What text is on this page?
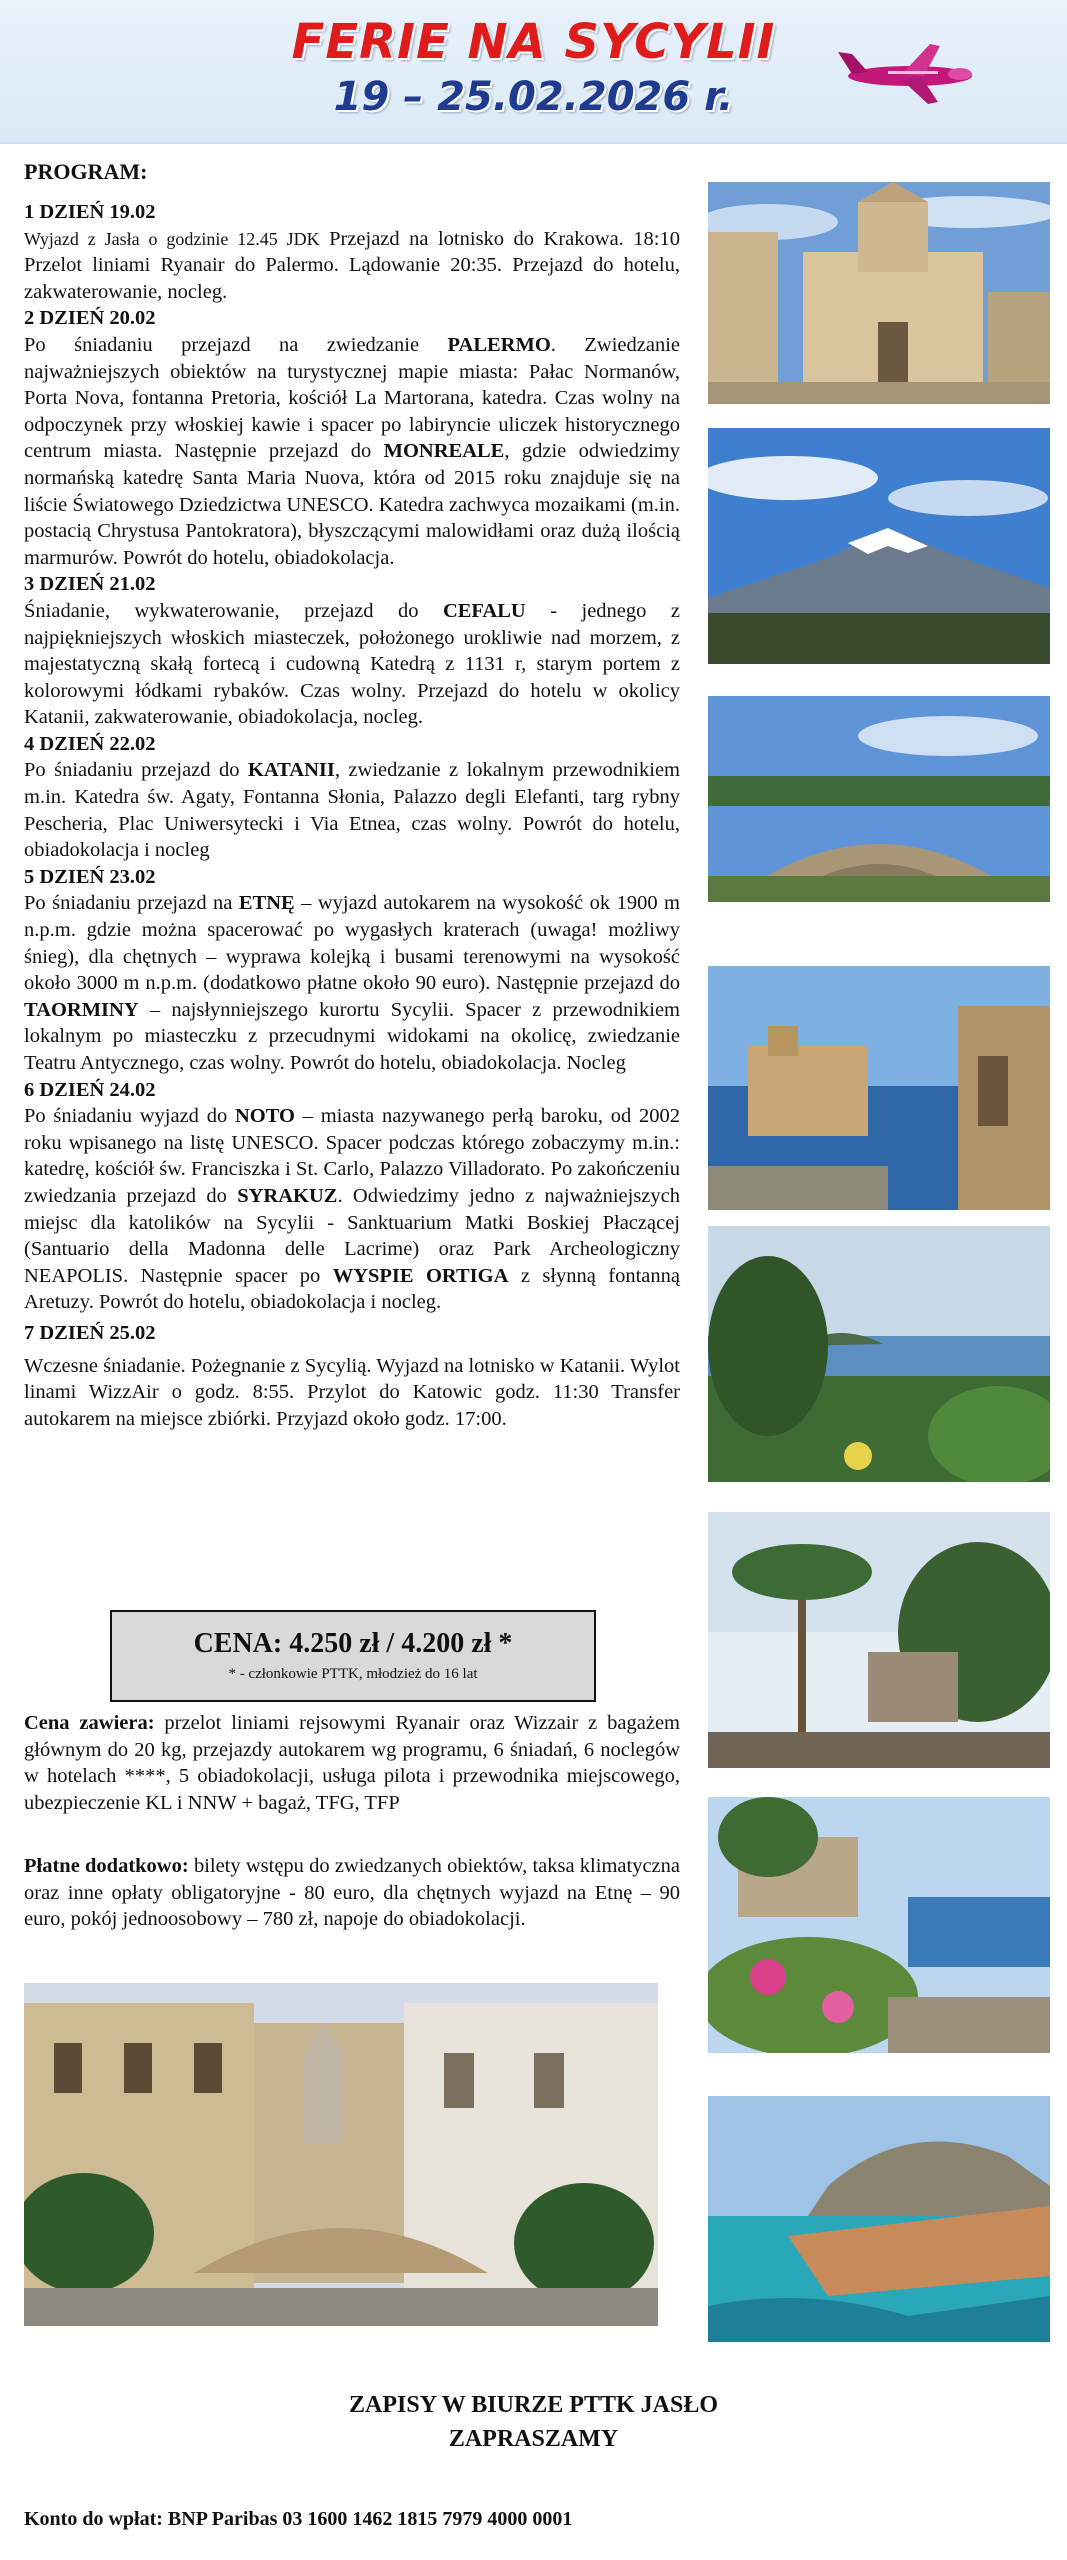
FERIE NA SYCYLII
19 – 25.02.2026 r.
PROGRAM:

1 DZIEŃ 19.02

Wyjazd z Jasła o godzinie 12.45 JDK Przejazd na lotnisko do Krakowa. 18:10 Przelot liniami Ryanair do Palermo. Lądowanie 20:35. Przejazd do hotelu, zakwaterowanie, nocleg.

2 DZIEŃ 20.02

Po śniadaniu przejazd na zwiedzanie PALERMO. Zwiedzanie najważniejszych obiektów na turystycznej mapie miasta: Pałac Normanów, Porta Nova, fontanna Pretoria, kościół La Martorana, katedra. Czas wolny na odpoczynek przy włoskiej kawie i spacer po labiryncie uliczek historycznego centrum miasta. Następnie przejazd do MONREALE, gdzie odwiedzimy normańską katedrę Santa Maria Nuova, która od 2015 roku znajduje się na liście Światowego Dziedzictwa UNESCO. Katedra zachwyca mozaikami (m.in. postacią Chrystusa Pantokratora), błyszczącymi malowidłami oraz dużą ilością marmurów. Powrót do hotelu, obiadokolacja.

3 DZIEŃ 21.02

Śniadanie, wykwaterowanie, przejazd do CEFALU - jednego z najpiękniejszych włoskich miasteczek, położonego urokliwie nad morzem, z majestatyczną skałą fortecą i cudowną Katedrą z 1131 r, starym portem z kolorowymi łódkami rybaków. Czas wolny. Przejazd do hotelu w okolicy Katanii, zakwaterowanie, obiadokolacja, nocleg.

4 DZIEŃ 22.02

Po śniadaniu przejazd do KATANII, zwiedzanie z lokalnym przewodnikiem m.in. Katedra św. Agaty, Fontanna Słonia, Palazzo degli Elefanti, targ rybny Pescheria, Plac Uniwersytecki i Via Etnea, czas wolny. Powrót do hotelu, obiadokolacja i nocleg

5 DZIEŃ 23.02

Po śniadaniu przejazd na ETNĘ – wyjazd autokarem na wysokość ok 1900 m n.p.m. gdzie można spacerować po wygasłych kraterach (uwaga! możliwy śnieg), dla chętnych – wyprawa kolejką i busami terenowymi na wysokość około 3000 m n.p.m. (dodatkowo płatne około 90 euro). Następnie przejazd do TAORMINY – najsłynniejszego kurortu Sycylii. Spacer z przewodnikiem lokalnym po miasteczku z przecudnymi widokami na okolicę, zwiedzanie Teatru Antycznego, czas wolny. Powrót do hotelu, obiadokolacja. Nocleg

6 DZIEŃ 24.02

Po śniadaniu wyjazd do NOTO – miasta nazywanego perłą baroku, od 2002 roku wpisanego na listę UNESCO. Spacer podczas którego zobaczymy m.in.: katedrę, kościół św. Franciszka i St. Carlo, Palazzo Villadorato. Po zakończeniu zwiedzania przejazd do SYRAKUZ. Odwiedzimy jedno z najważniejszych miejsc dla katolików na Sycylii - Sanktuarium Matki Boskiej Płaczącej (Santuario della Madonna delle Lacrime) oraz Park Archeologiczny NEAPOLIS. Następnie spacer po WYSPIE ORTIGA z słynną fontanną Aretuzy. Powrót do hotelu, obiadokolacja i nocleg.

7 DZIEŃ 25.02

Wczesne śniadanie. Pożegnanie z Sycylią. Wyjazd na lotnisko w Katanii. Wylot linami WizzAir o godz. 8:55. Przylot do Katowic godz. 11:30 Transfer autokarem na miejsce zbiórki. Przyjazd około godz. 17:00.

CENA: 4.250 zł / 4.200 zł *
* - członkowie PTTK, młodzież do 16 lat
Cena zawiera: przelot liniami rejsowymi Ryanair oraz Wizzair z bagażem głównym do 20 kg, przejazdy autokarem wg programu, 6 śniadań, 6 noclegów w hotelach ****, 5 obiadokolacji, usługa pilota i przewodnika miejscowego, ubezpieczenie KL i NNW + bagaż, TFG, TFP
Płatne dodatkowo: bilety wstępu do zwiedzanych obiektów, taksa klimatyczna oraz inne opłaty obligatoryjne - 80 euro, dla chętnych wyjazd na Etnę – 90 euro, pokój jednoosobowy – 780 zł, napoje do obiadokolacji.
ZAPISY W BIURZE PTTK JASŁO
ZAPRASZAMY
Konto do wpłat: BNP Paribas 03 1600 1462 1815 7979 4000 0001
